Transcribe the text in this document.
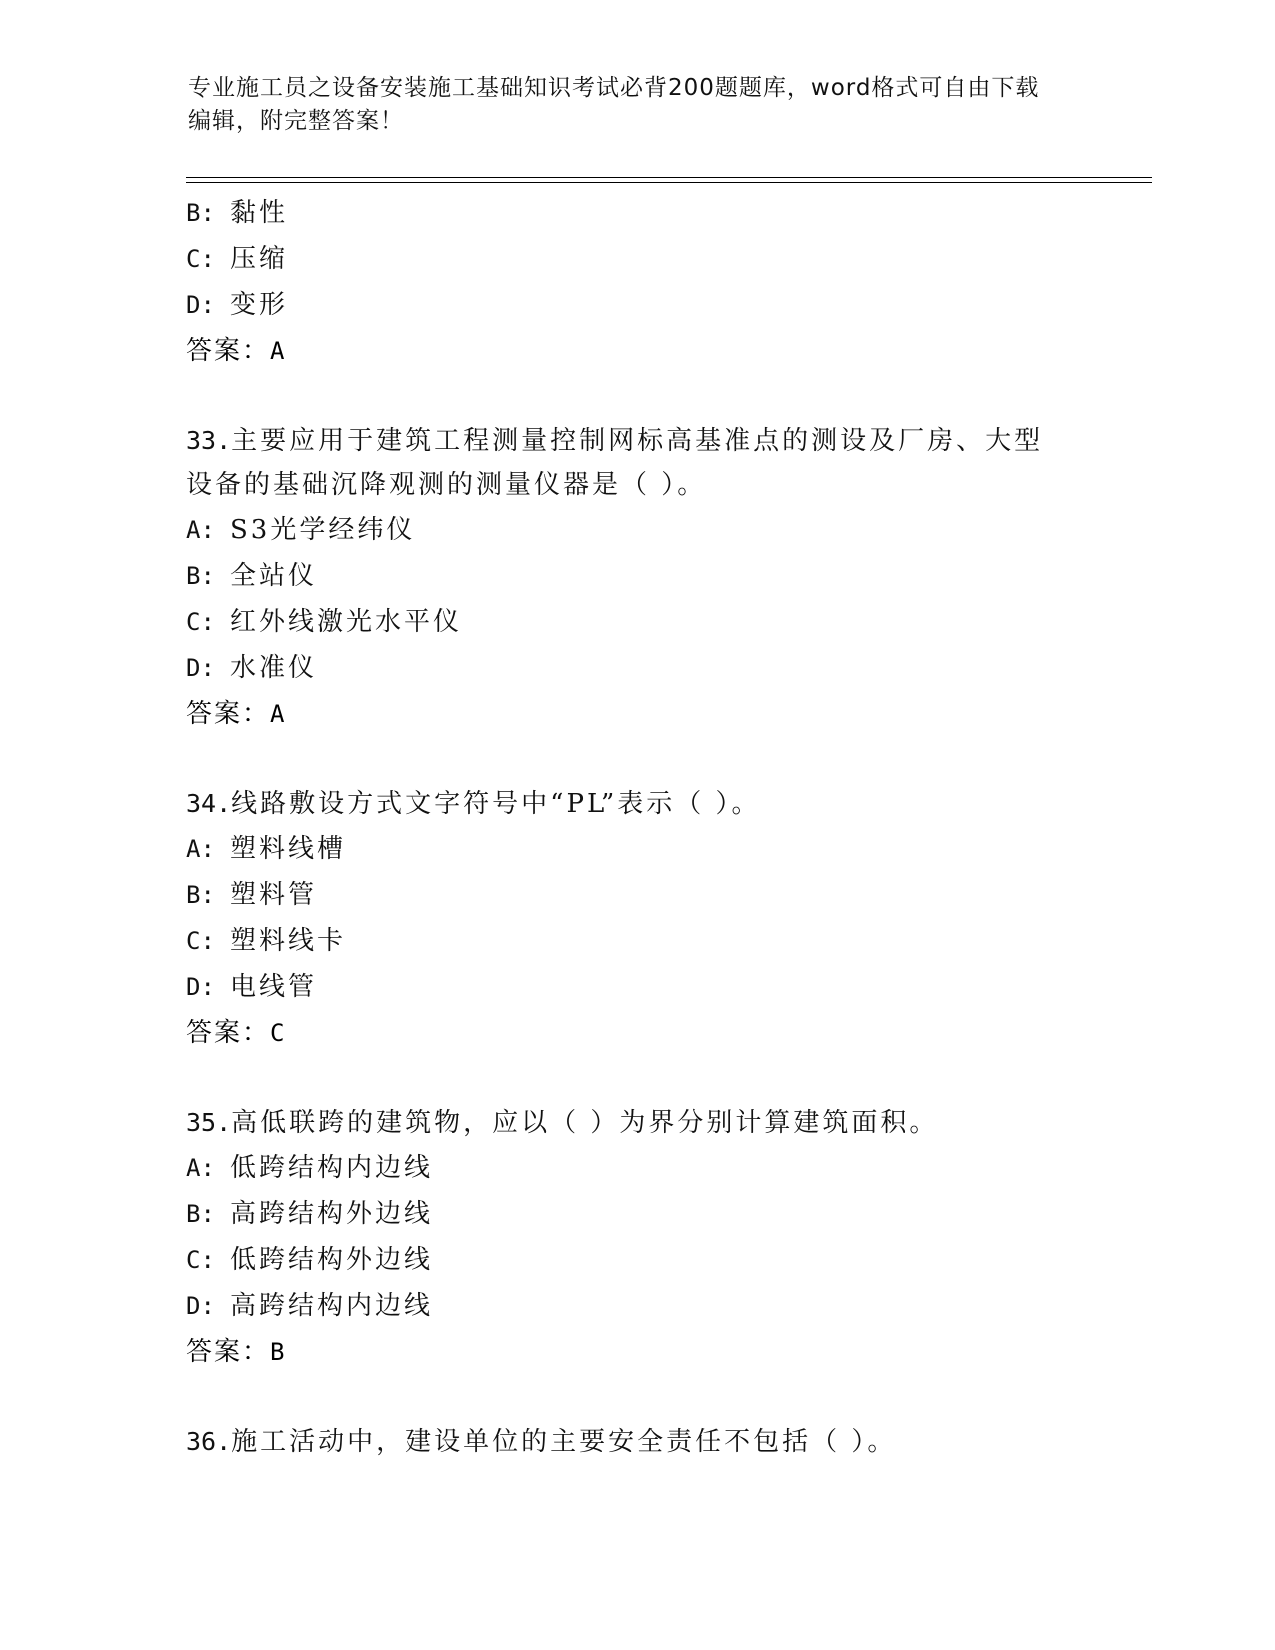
专业施工员之设备安装施工基础知识考试必背200题题库，word格式可自由下载
编辑，附完整答案！
B: 黏性
C: 压缩
D: 变形
答案：A
33.主要应用于建筑工程测量控制网标高基准点的测设及厂房、大型设备的基础沉降观测的测量仪器是（ ）。
A: S3光学经纬仪
B: 全站仪
C: 红外线激光水平仪
D: 水准仪
答案：A
34.线路敷设方式文字符号中“PL”表示（ ）。
A: 塑料线槽
B: 塑料管
C: 塑料线卡
D: 电线管
答案：C
35.高低联跨的建筑物，应以（ ）为界分别计算建筑面积。
A: 低跨结构内边线
B: 高跨结构外边线
C: 低跨结构外边线
D: 高跨结构内边线
答案：B
36.施工活动中，建设单位的主要安全责任不包括（ ）。
